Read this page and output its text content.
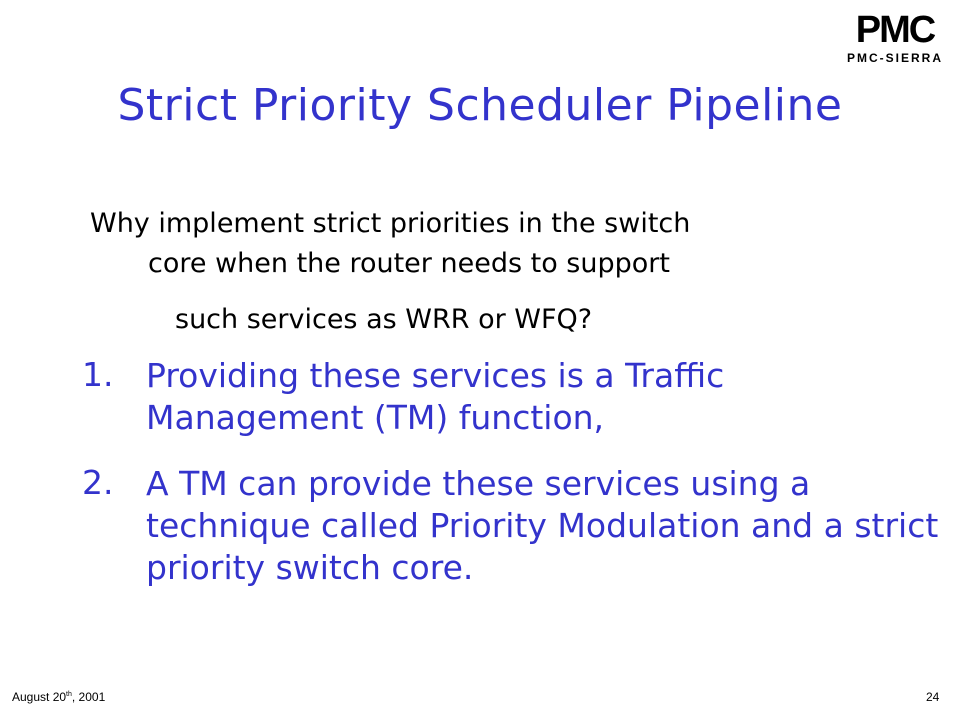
PMC
PMC-SIERRA
Strict Priority Scheduler Pipeline
Why implement strict priorities in the switch
core when the router needs to support
such services as WRR or WFQ?
1. Providing these services is a Traffic Management (TM) function,
2. A TM can provide these services using a technique called Priority Modulation and a strict priority switch core.
August 20th, 2001	24
